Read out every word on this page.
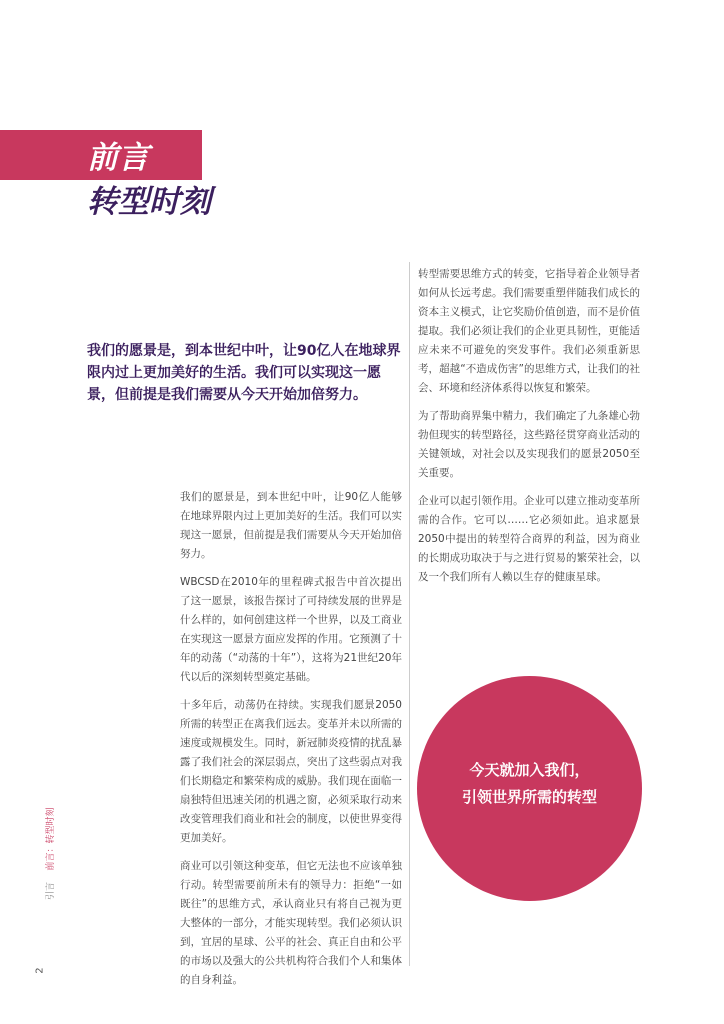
前言
转型时刻

我们的愿景是，到本世纪中叶，让90亿人在地球界限内过上更加美好的生活。我们可以实现这一愿景，但前提是我们需要从今天开始加倍努力。

我们的愿景是，到本世纪中叶，让90亿人能够在地球界限内过上更加美好的生活。我们可以实现这一愿景，但前提是我们需要从今天开始加倍努力。

WBCSD在2010年的里程碑式报告中首次提出了这一愿景，该报告探讨了可持续发展的世界是什么样的，如何创建这样一个世界，以及工商业在实现这一愿景方面应发挥的作用。它预测了十年的动荡（“动荡的十年”），这将为21世纪20年代以后的深刻转型奠定基础。

十多年后，动荡仍在持续。实现我们愿景2050所需的转型正在离我们远去。变革并未以所需的速度或规模发生。同时，新冠肺炎疫情的扰乱暴露了我们社会的深层弱点，突出了这些弱点对我们长期稳定和繁荣构成的威胁。我们现在面临一扇独特但迅速关闭的机遇之窗，必须采取行动来改变管理我们商业和社会的制度，以使世界变得更加美好。

商业可以引领这种变革，但它无法也不应该单独行动。转型需要前所未有的领导力：拒绝“一如既往”的思维方式，承认商业只有将自己视为更大整体的一部分，才能实现转型。我们必须认识到，宜居的星球、公平的社会、真正自由和公平的市场以及强大的公共机构符合我们个人和集体的自身利益。

转型需要思维方式的转变，它指导着企业领导者如何从长远考虑。我们需要重塑伴随我们成长的资本主义模式，让它奖励价值创造，而不是价值提取。我们必须让我们的企业更具韧性，更能适应未来不可避免的突发事件。我们必须重新思考，超越“不造成伤害”的思维方式，让我们的社会、环境和经济体系得以恢复和繁荣。

为了帮助商界集中精力，我们确定了九条雄心勃勃但现实的转型路径，这些路径贯穿商业活动的关键领域，对社会以及实现我们的愿景2050至关重要。

企业可以起引领作用。企业可以建立推动变革所需的合作。它可以……它必须如此。追求愿景2050中提出的转型符合商界的利益，因为商业的长期成功取决于与之进行贸易的繁荣社会，以及一个我们所有人赖以生存的健康星球。

今天就加入我们，
引领世界所需的转型
引言    前言：转型时刻
2
